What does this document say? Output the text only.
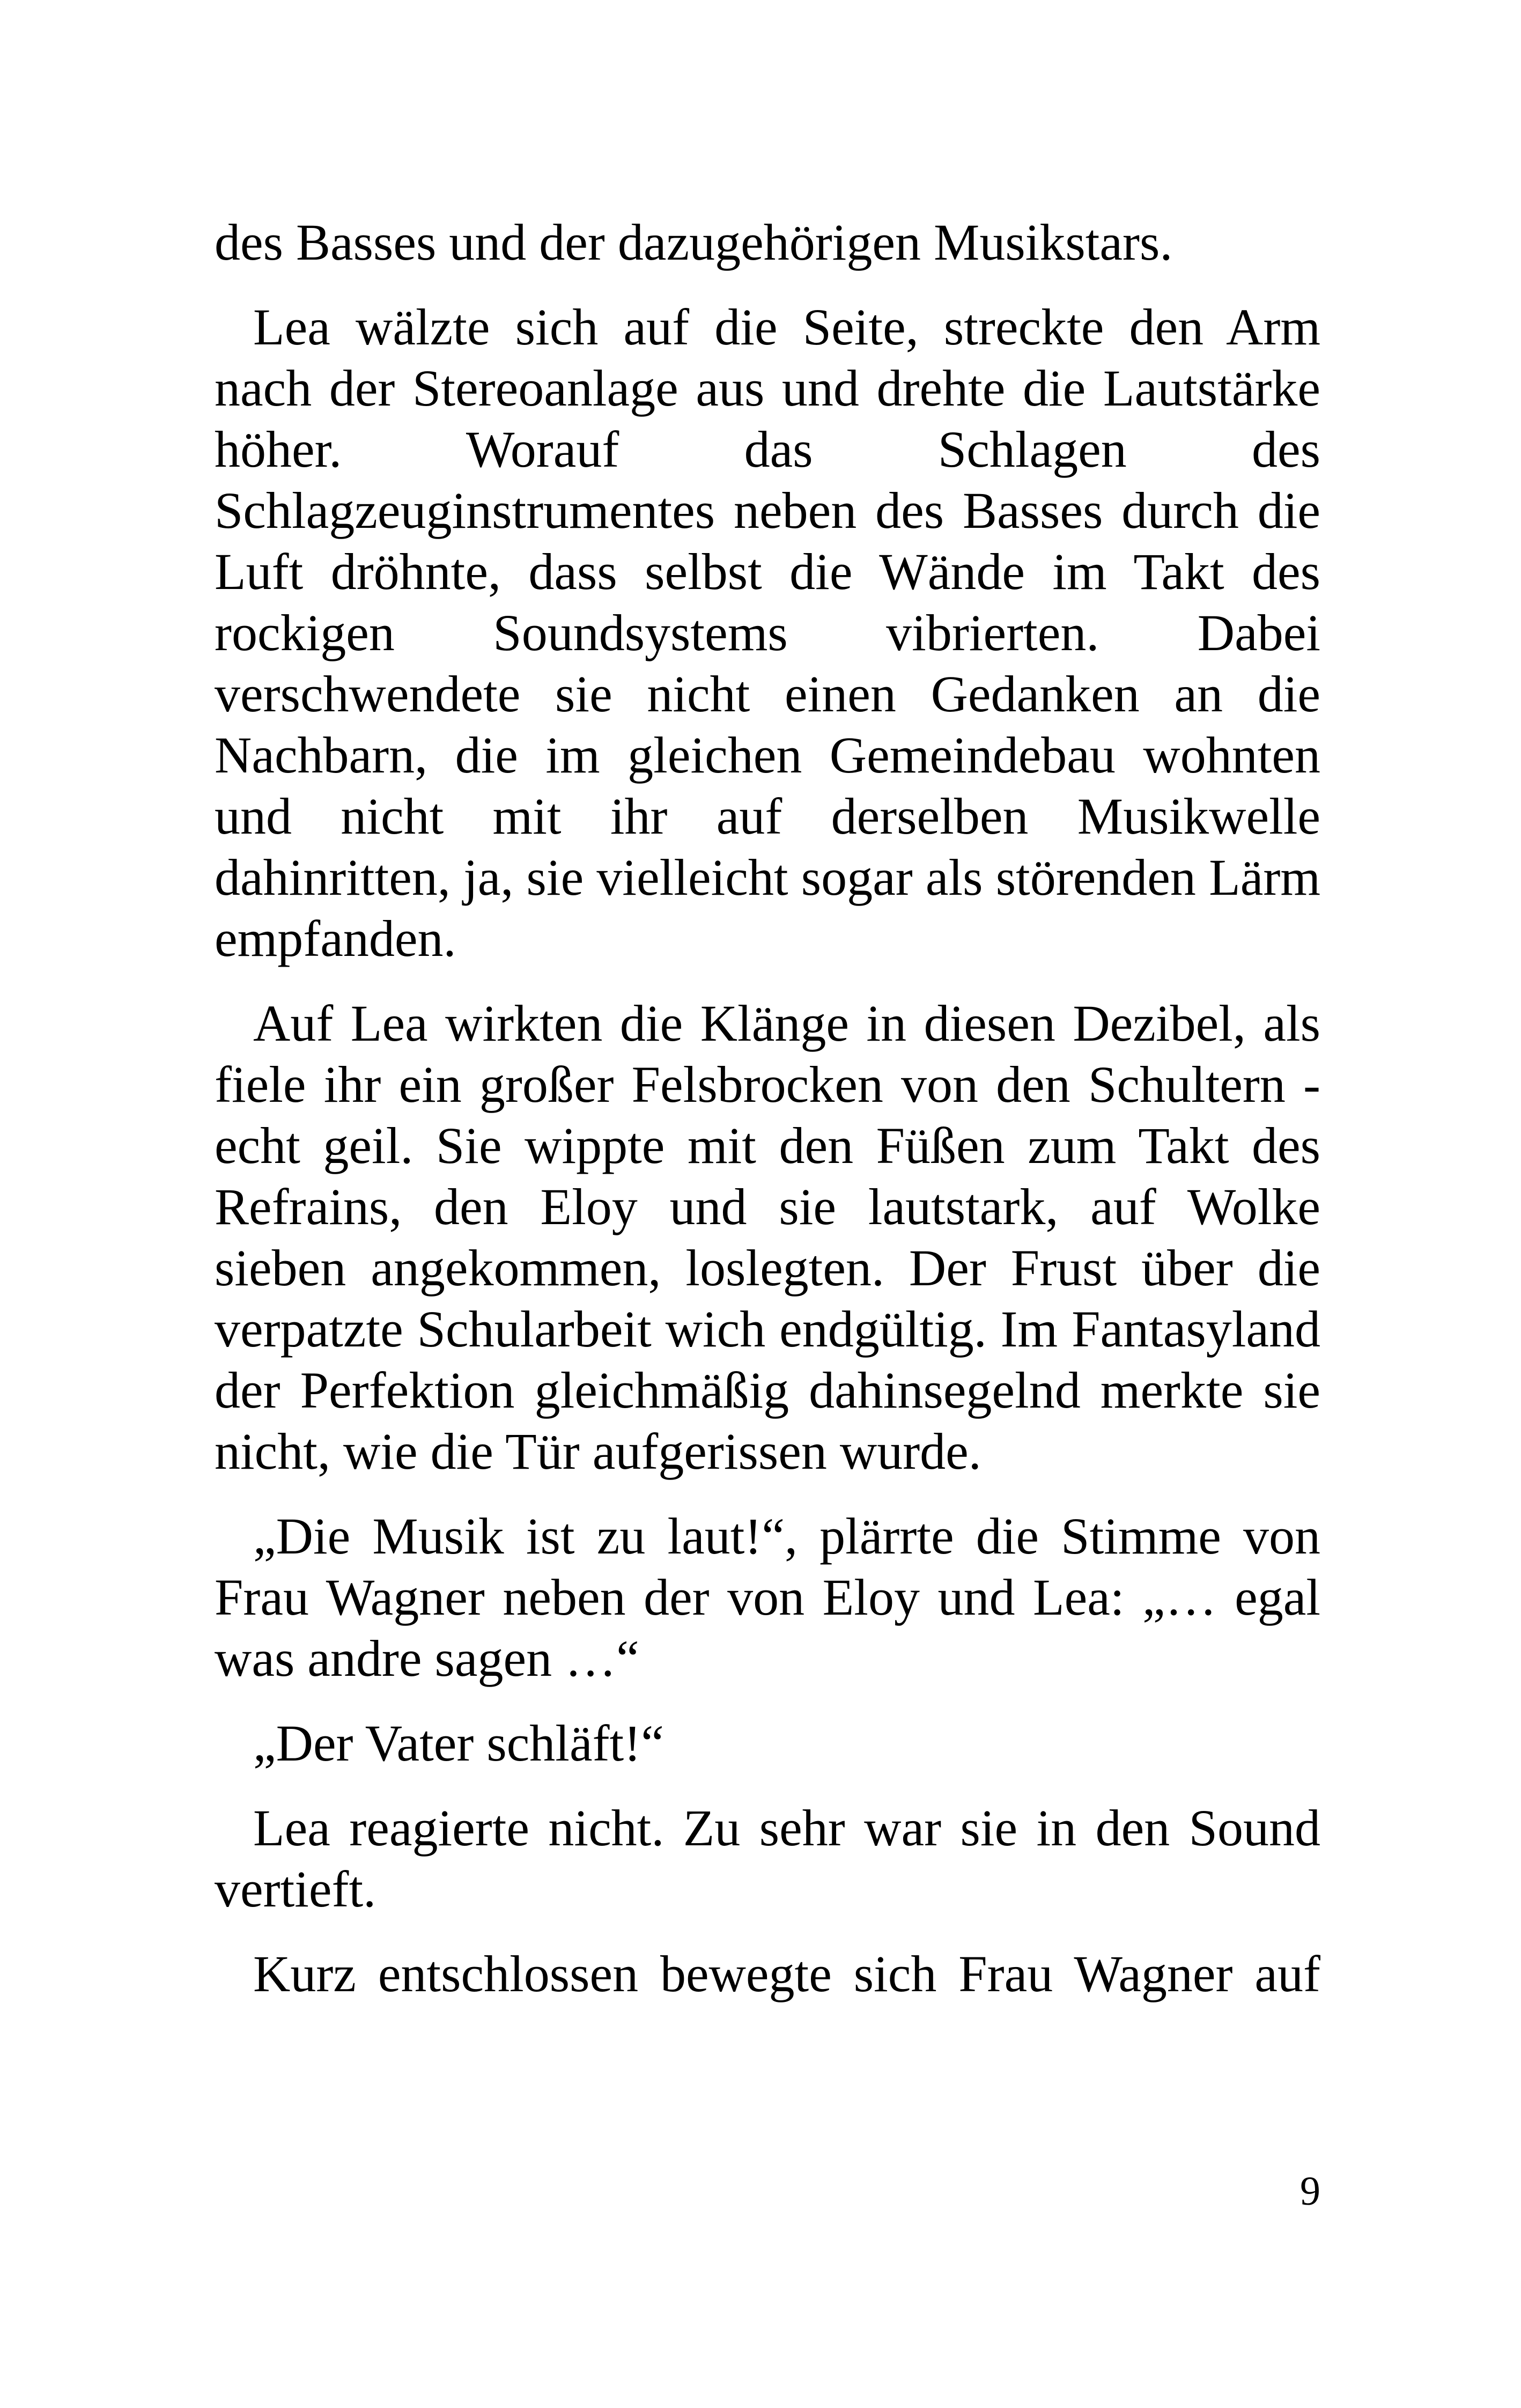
des Basses und der dazugehörigen Musikstars.

Lea wälzte sich auf die Seite, streckte den Arm nach der Stereoanlage aus und drehte die Lautstärke höher. Worauf das Schlagen des Schlagzeuginstrumentes neben des Basses durch die Luft dröhnte, dass selbst die Wände im Takt des rockigen Soundsystems vibrierten. Dabei verschwendete sie nicht einen Gedanken an die Nachbarn, die im gleichen Gemeindebau wohnten und nicht mit ihr auf derselben Musikwelle dahinritten, ja, sie vielleicht sogar als störenden Lärm empfanden.

Auf Lea wirkten die Klänge in diesen Dezibel, als fiele ihr ein großer Felsbrocken von den Schultern - echt geil. Sie wippte mit den Füßen zum Takt des Refrains, den Eloy und sie lautstark, auf Wolke sieben angekommen, loslegten. Der Frust über die verpatzte Schularbeit wich endgültig. Im Fantasyland der Perfektion gleichmäßig dahinsegelnd merkte sie nicht, wie die Tür aufgerissen wurde.

„Die Musik ist zu laut!“, plärrte die Stimme von Frau Wagner neben der von Eloy und Lea: „… egal was andre sagen …“

„Der Vater schläft!“

Lea reagierte nicht. Zu sehr war sie in den Sound vertieft.

Kurz entschlossen bewegte sich Frau Wagner auf

9
